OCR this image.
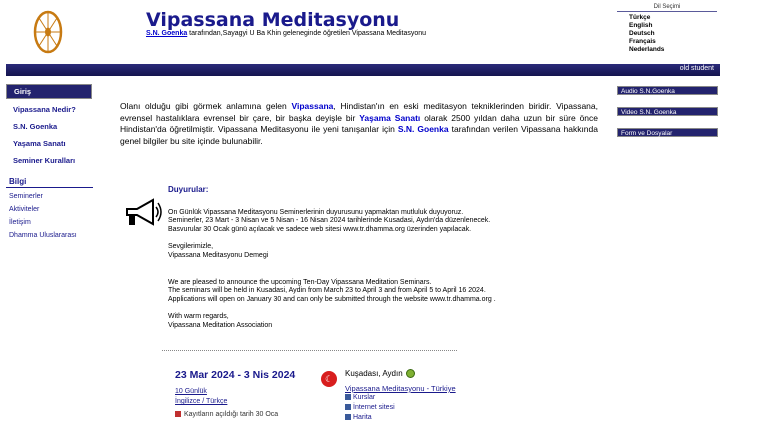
Vipassana Meditasyonu
S.N. Goenka tarafından,Sayagyi U Ba Khin geleneginde öğretilen Vipassana Meditasyonu
Dil Seçimi
Türkçe
English
Deutsch
Français
Nederlands
old student
Giriş
Vipassana Nedir?
S.N. Goenka
Yaşama Sanatı
Seminer Kuralları
Bilgi
Seminerler
Aktiviteler
İletişim
Dhamma Uluslararası
Olanı olduğu gibi görmek anlamına gelen Vipassana, Hindistan'ın en eski meditasyon tekniklerinden biridir. Vipassana, evrensel hastalıklara evrensel bir çare, bir başka deyişle bir Yaşama Sanatı olarak 2500 yıldan daha uzun bir süre önce Hindistan'da öğretilmiştir. Vipassana Meditasyonu ile yeni tanışanlar için S.N. Goenka tarafından verilen Vipassana hakkında genel bilgiler bu site içinde bulunabilir.
Duyurular:

On Günlük Vipassana Meditasyonu Seminerlerinin duyurusunu yapmaktan mutluluk duyuyoruz.

Seminerler, 23 Mart - 3 Nisan ve 5 Nisan - 16 Nisan 2024 tarihlerinde Kusadasi, Aydın'da düzenlenecek.

Basvurular 30 Ocak günü açılacak ve sadece web sitesi www.tr.dhamma.org üzerinden yapılacak.

Sevgilerimizle,

Vipassana Meditasyonu Demegi

We are pleased to announce the upcoming Ten-Day Vipassana Meditation Seminars.

The seminars will be held in Kusadasi, Aydin from March 23 to April 3 and from April 5 to April 16 2024.

Applications will open on January 30 and can only be submitted through the website www.tr.dhamma.org .

With warm regards,

Vipassana Meditation Association

23 Mar 2024 - 3 Nis 2024
10 Günlük
İngilizce / Türkçe
Kayıtların açıldığı tarih 30 Oca
☾
Kuşadası, Aydın
Vipassana Meditasyonu - Türkiye
Kurslar
İnternet sitesi
Harita
Audio S.N.Goenka
Video S.N. Goenka
Form ve Dosyalar
